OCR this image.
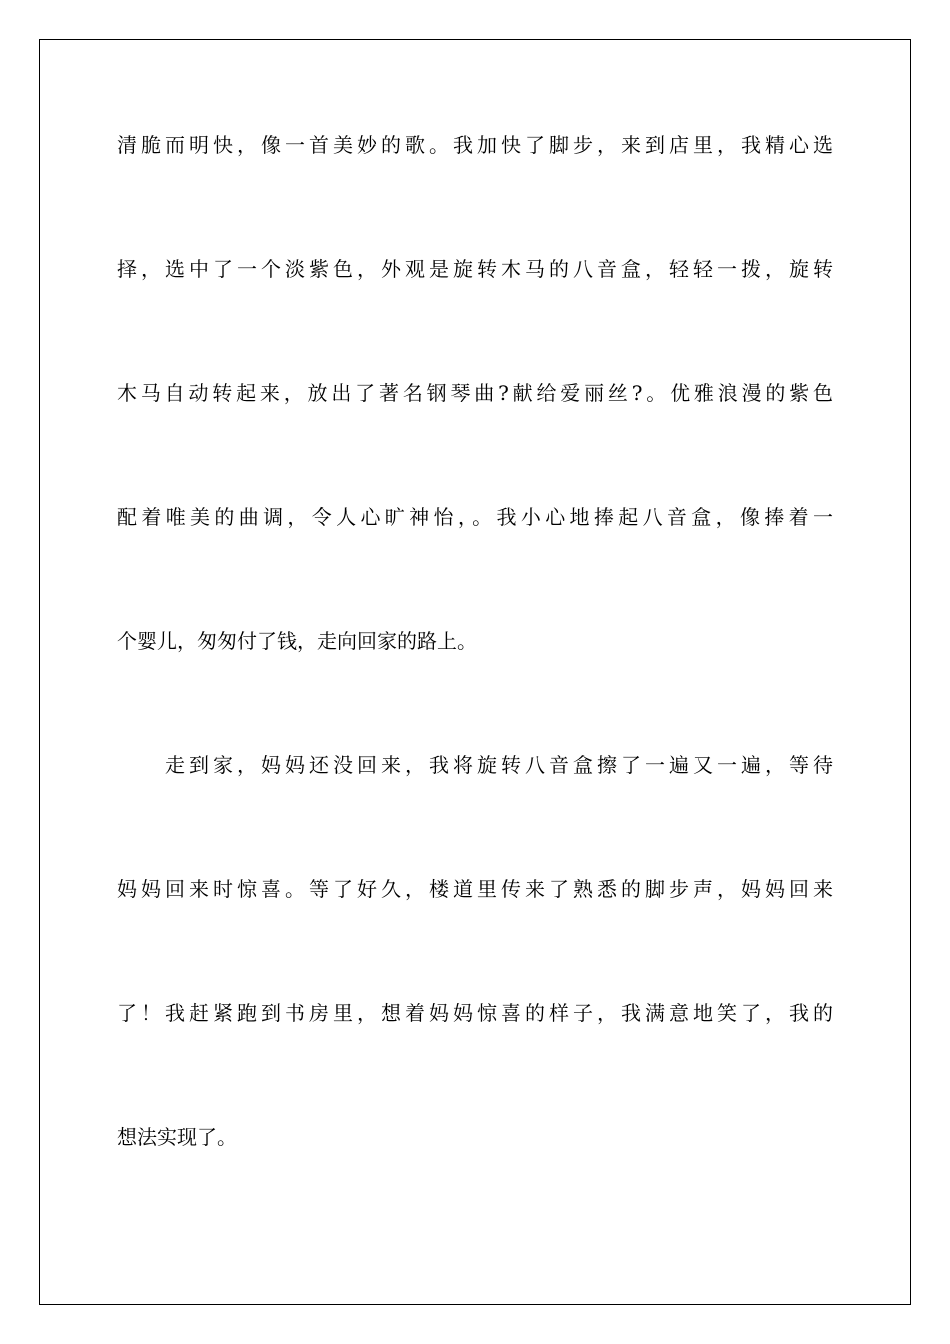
清脆而明快，像一首美妙的歌。我加快了脚步，来到店里，我精心选
择，选中了一个淡紫色，外观是旋转木马的八音盒，轻轻一拨，旋转
木马自动转起来，放出了著名钢琴曲?献给爱丽丝?。优雅浪漫的紫色
配着唯美的曲调，令人心旷神怡，。我小心地捧起八音盒，像捧着一
个婴儿，匆匆付了钱，走向回家的路上。
走到家，妈妈还没回来，我将旋转八音盒擦了一遍又一遍，等待
妈妈回来时惊喜。等了好久，楼道里传来了熟悉的脚步声，妈妈回来
了！我赶紧跑到书房里，想着妈妈惊喜的样子，我满意地笑了，我的
想法实现了。
